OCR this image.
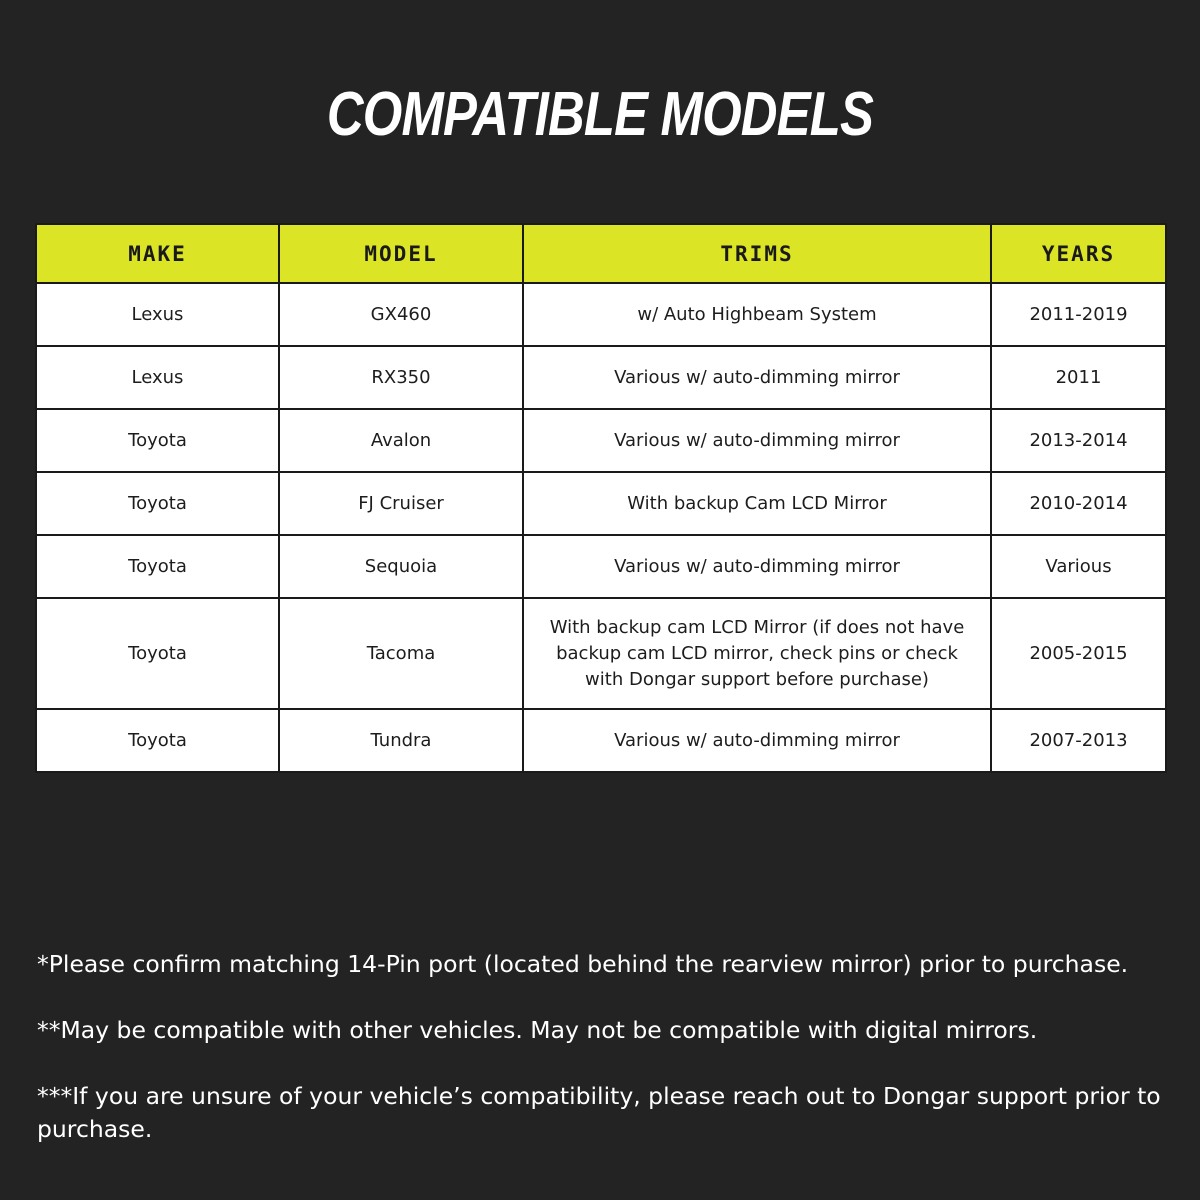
COMPATIBLE MODELS
MAKE	MODEL	TRIMS	YEARS
Lexus	GX460	w/ Auto Highbeam System	2011-2019
Lexus	RX350	Various w/ auto-dimming mirror	2011
Toyota	Avalon	Various w/ auto-dimming mirror	2013-2014
Toyota	FJ Cruiser	With backup Cam LCD Mirror	2010-2014
Toyota	Sequoia	Various w/ auto-dimming mirror	Various
Toyota	Tacoma	With backup cam LCD Mirror (if does not have backup cam LCD mirror, check pins or check with Dongar support before purchase)	2005-2015
Toyota	Tundra	Various w/ auto-dimming mirror	2007-2013

*Please confirm matching 14-Pin port (located behind the rearview mirror) prior to purchase.

**May be compatible with other vehicles. May not be compatible with digital mirrors.

***If you are unsure of your vehicle’s compatibility, please reach out to Dongar support prior to purchase.
